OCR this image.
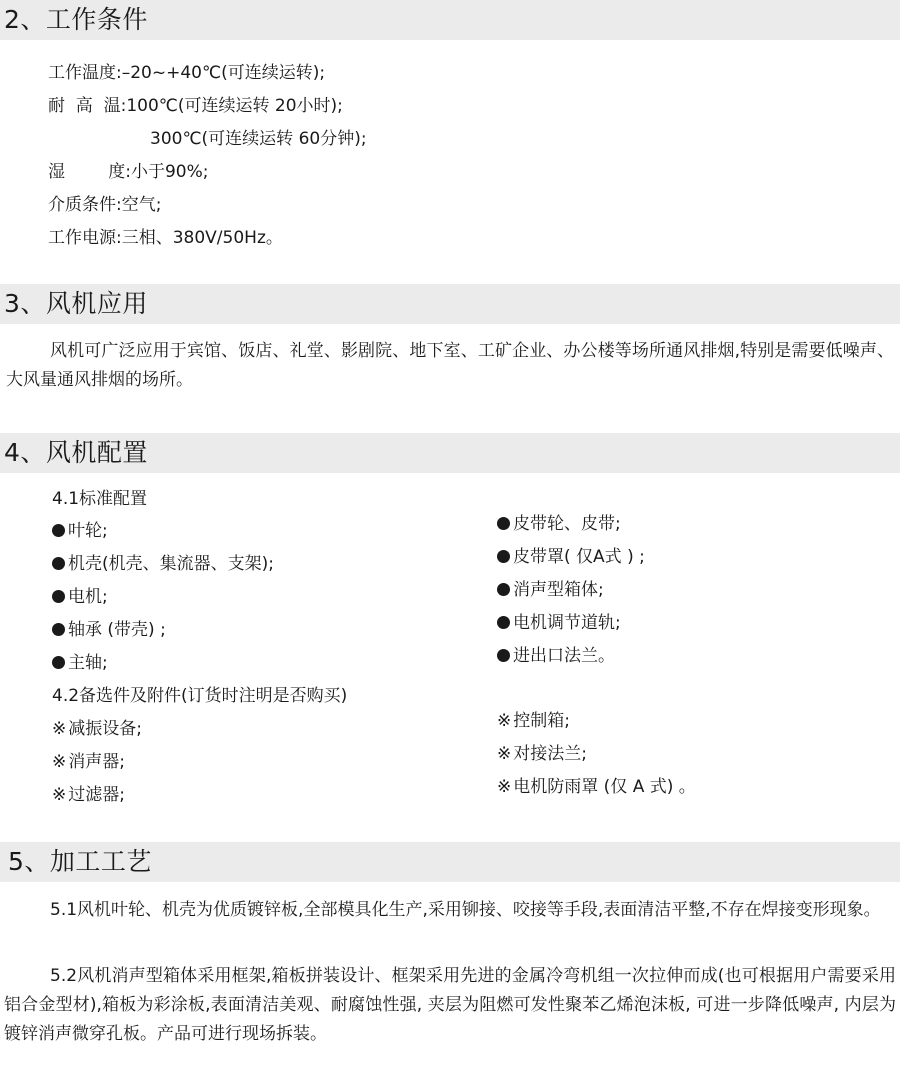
2、工作条件
工作温度:–20~+40℃(可连续运转);
耐  高  温:100℃(可连续运转 20小时);
300℃(可连续运转 60分钟);
湿        度:小于90%;
介质条件:空气;
工作电源:三相、380V/50Hz。
3、风机应用
风机可广泛应用于宾馆、饭店、礼堂、影剧院、地下室、工矿企业、办公楼等场所通风排烟,特别是需要低噪声、大风量通风排烟的场所。
4、风机配置
4.1标准配置
叶轮;
机壳(机壳、集流器、支架);
电机;
轴承 (带壳) ;
主轴;
皮带轮、皮带;
皮带罩( 仅A式 ) ;
消声型箱体;
电机调节道轨;
进出口法兰。
4.2备选件及附件(订货时注明是否购买)
※ 减振设备;
※ 消声器;
※ 过滤器;
※ 控制箱;
※ 对接法兰;
※ 电机防雨罩 (仅 A 式) 。
5、加工工艺
5.1风机叶轮、机壳为优质镀锌板,全部模具化生产,采用铆接、咬接等手段,表面清洁平整,不存在焊接变形现象。
5.2风机消声型箱体采用框架,箱板拼装设计、框架采用先进的金属冷弯机组一次拉伸而成(也可根据用户需要采用铝合金型材),箱板为彩涂板,表面清洁美观、耐腐蚀性强, 夹层为阻燃可发性聚苯乙烯泡沫板, 可进一步降低噪声, 内层为镀锌消声微穿孔板。产品可进行现场拆装。
